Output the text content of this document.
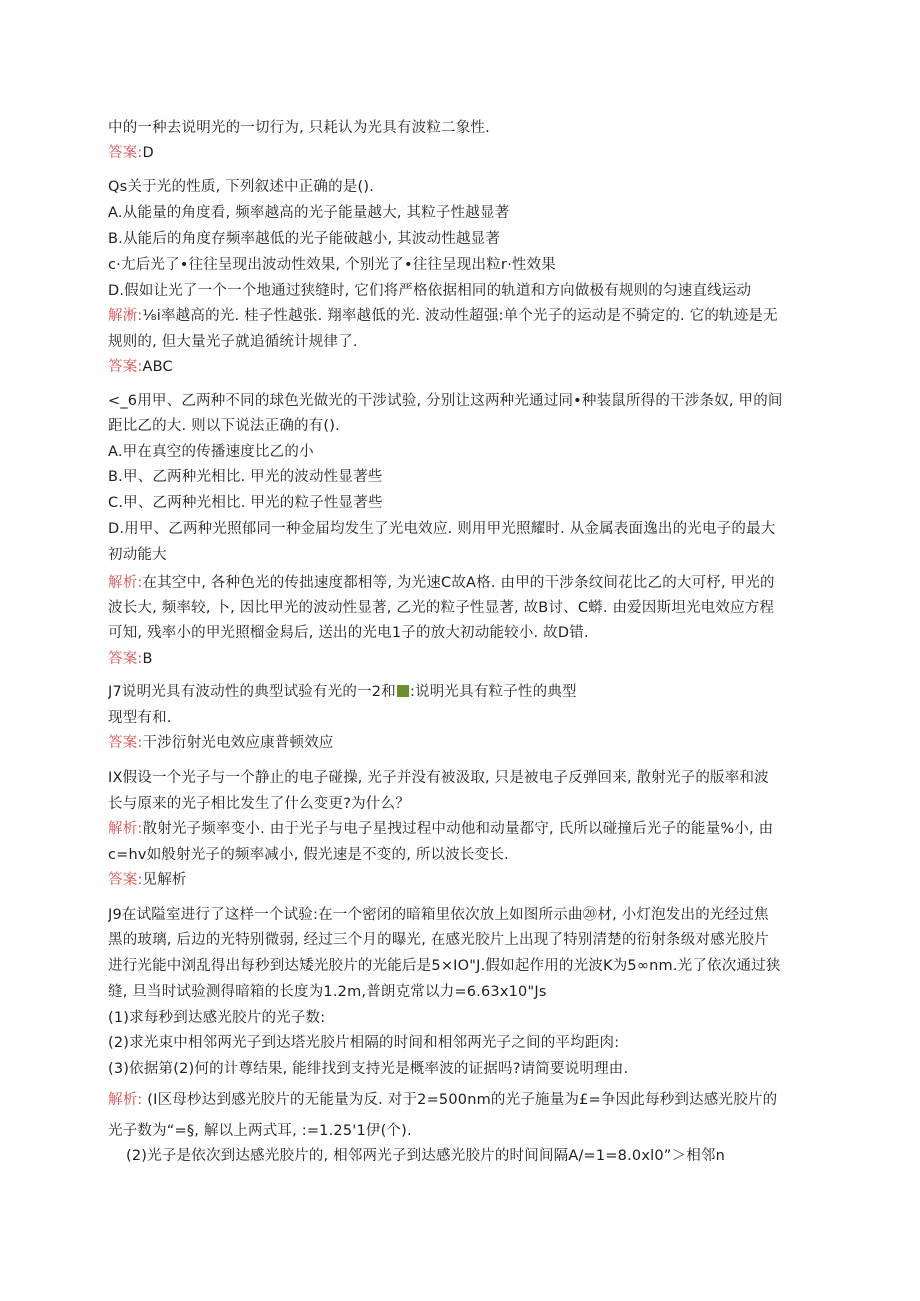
中的一种去说明光的一切行为, 只耗认为光具有波粒二象性.
答案:D
Qs关于光的性质, 下列叙述中正确的是().
A.从能量的角度看, 频率越高的光子能量越大, 其粒子性越显著
B.从能后的角度存频率越低的光子能破越小, 其波动性越显著
c·尢后光了•往往呈现出波动性效果, 个别光了•往往呈现出粒r·性效果
D.假如让光了一个一个地通过狭缝时, 它们将严格依据相同的轨道和方向做极有规则的匀速直线运动
解淅:⅛i率越高的光. 桂子性越张. 翔率越低的光. 波动性超强:单个光子的运动是不骑定的. 它的轨迹是无
规则的, 但大量光子就追循统计规律了.
答案:ABC
<_6用甲、乙两种不同的球色光做光的干涉试验, 分别让这两种光通过同•种装鼠所得的干涉条奴, 甲的间
距比乙的大. 则以下说法正确的有().
A.甲在真空的传播速度比乙的小
B.甲、乙两种光相比. 甲光的波动性显著些
C.甲、乙两种光相比. 甲光的粒子性显著些
D.用甲、乙两种光照郁同一种金届均发生了光电效应. 则用甲光照耀时. 从金属表面逸出的光电子的最大
初动能大
解析:在其空中, 各种色光的传拙速度都相等, 为光速C故A格. 由甲的干涉条纹间花比乙的大可杼, 甲光的
波长大, 频率较, 卜, 因比甲光的波动性显著, 乙光的粒子性显著, 故B讨、C蟒. 由爱因斯坦光电效应方程
可知, 残率小的甲光照榴金舄后, 送出的光电1子的放大初动能较小. 故D错.
答案:B
J7说明光具有波动性的典型试验有光的一2和 :说明光具有粒子性的典型
现型有和.
答案:干涉衍射光电效应康普顿效应
IX假设一个光子与一个静止的电子碰操, 光子并没有被汲取, 只是被电子反弹回来, 散射光子的版率和波
长与原来的光子相比发生了什么变更?为什么？
解析:散射光子频率变小. 由于光子与电子星拽过程中动他和动量都守, 氏所以碰撞后光子的能量%小, 由
c=hv如般射光子的频率减小, 假光速是不变的, 所以波长变长.
答案:见解析
J9在试隘室进行了这样一个试验:在一个密闭的暗箱里依次放上如图所示曲⑳材, 小灯泡发出的光经过焦
黑的玻璃, 后边的光特别微弱, 经过三个月的曝光, 在感光胶片上出现了特别清楚的衍射条级对感光胶片
进行光能中浏乱得出每秒到达矮光胶片的光能后是5×IO"J.假如起作用的光波K为5∞nm.光了依次通过狭
缝, 旦当时试验测得暗箱的长度为1.2m,普朗克常以力=6.63x10"Js
(1)求每秒到达感光胶片的光子数:
(2)求光束中相邻两光子到达塔光胶片相隔的时间和相邻两光子之间的平均距肉:
(3)依据第(2)何的计尊结果, 能绯找到支持光是概率波的证据吗?请简要说明理由.
解析: (I区母杪达到感光胶片的无能量为反. 对于2=500nm的光子施量为£=争因此每秒到达感光胶片的
光子数为“=§, 解以上两式耳, :=1.25'1伊(个).
(2)光子是依次到达感光胶片的, 相邻两光子到达感光胶片的时间间隔A∕=1=8.0xl0”＞相邻n
